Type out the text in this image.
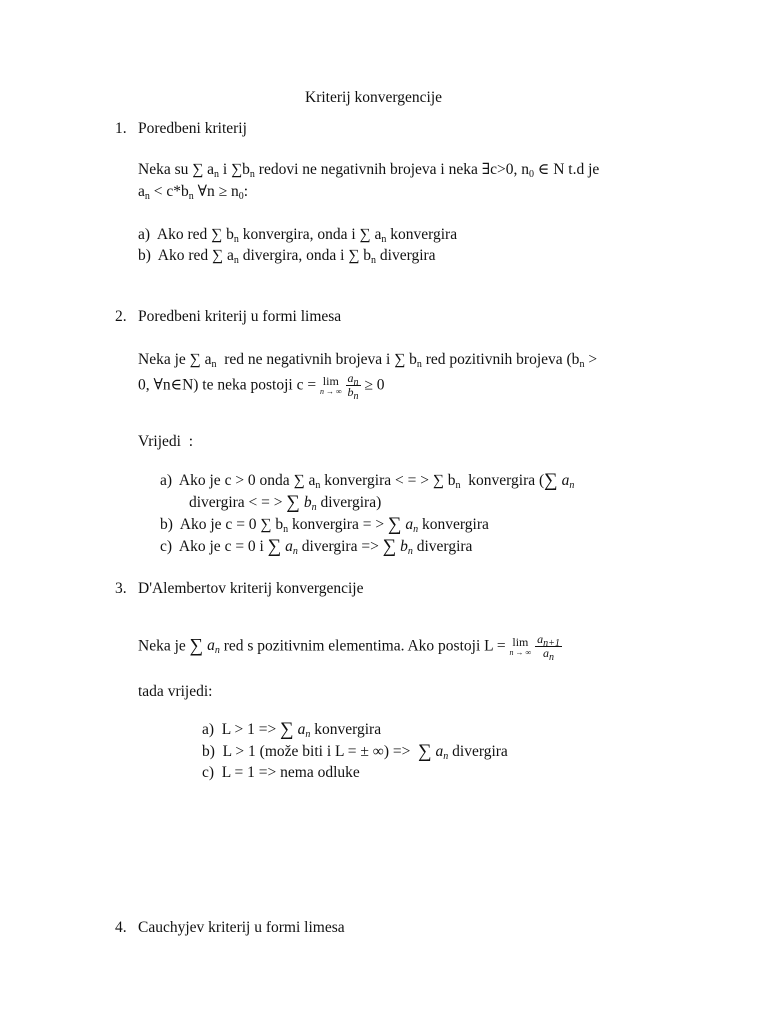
Kriterij konvergencije
1. Poredbeni kriterij
Neka su ∑ $a_n$ i $\sum b_n$ redovi ne negativnih brojeva i neka ∃c>0, $n_0$ ∈ N t.d je
$a_n < c*b_n$ ∀n ≥ $n_0$:
a)  Ako red ∑ $b_n$ konvergira, onda i ∑ $a_n$ konvergira
b)  Ako red ∑ $a_n$ divergira, onda i ∑ $b_n$ divergira
2. Poredbeni kriterij u formi limesa
Neka je ∑ $a_n$  red ne negativnih brojeva i ∑ $b_n$ red pozitivnih brojeva ($b_n$ >
0, ∀n∈N) te neka postoji c = lim
n → ∞
$\frac{a_n}{b_n} \ge 0$
Vrijedi  :
a)  Ako je c > 0 onda ∑ $a_n$ konvergira < = > ∑ $b_n$  konvergira (∑ $a_n$
divergira < = > ∑ $b_n$ divergira)
b)  Ako je c = 0 ∑ $b_n$ konvergira = > ∑ $a_n$ konvergira
c)  Ako je c = 0 i ∑ $a_n$ divergira => ∑ $b_n$ divergira
3. D'Alembertov kriterij konvergencije
Neka je ∑ $a_n$ red s pozitivnim elementima. Ako postoji L = lim
n → ∞
$\frac{a_{n+1}}{a_n}$
tada vrijedi:
a)  L > 1 => ∑ $a_n$ konvergira
b)  L > 1 (može biti i L = ± ∞) =>  ∑ $a_n$ divergira
c)  L = 1 => nema odluke
4. Cauchyjev kriterij u formi limesa
